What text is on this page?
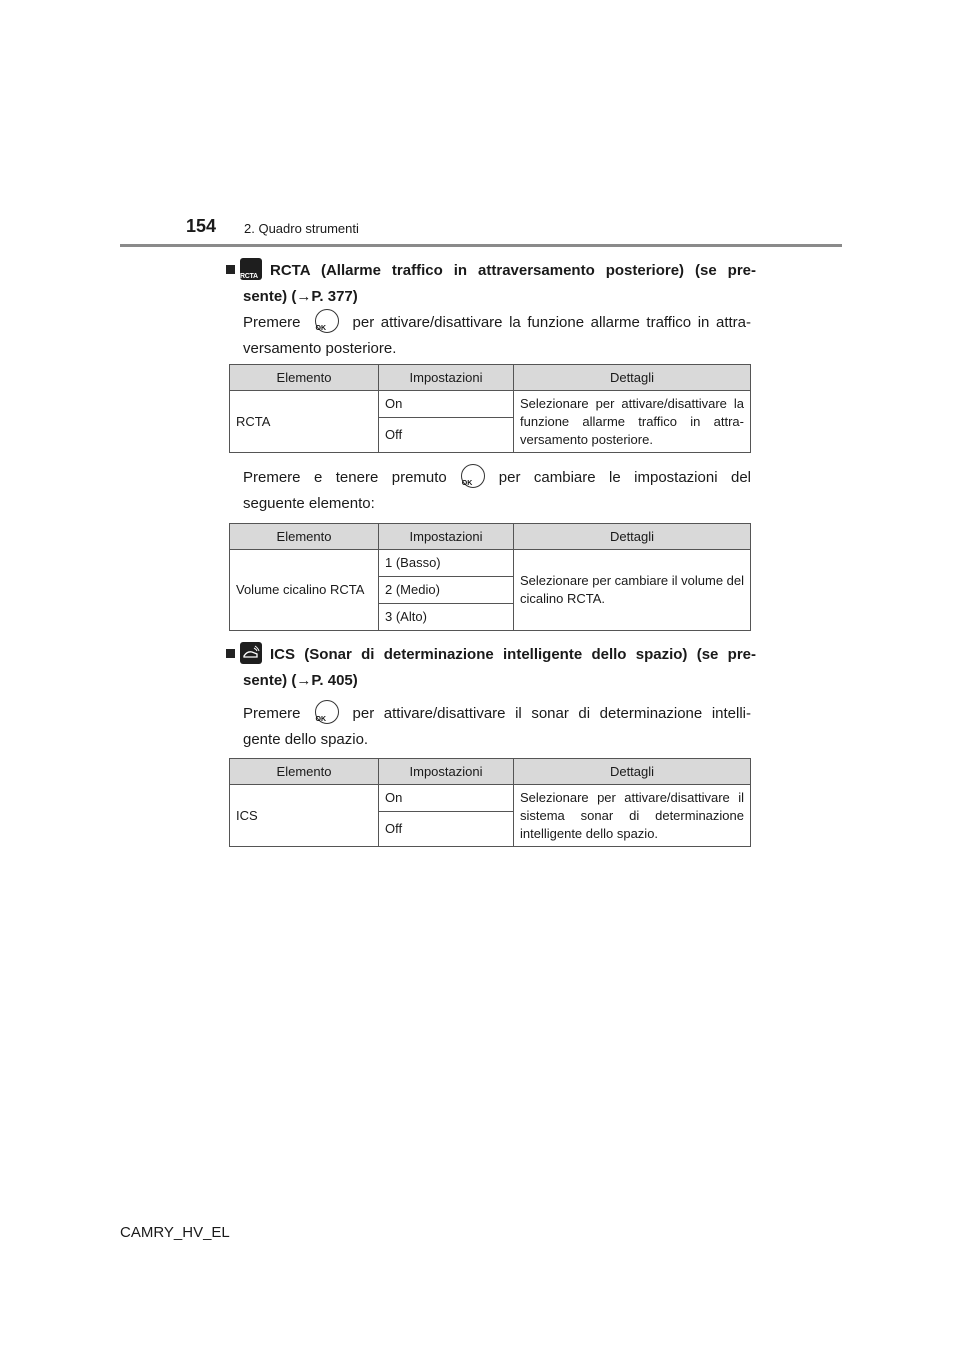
154 2. Quadro strumenti
RCTARCTA (Allarme traffico in attraversamento posteriore) (se pre-
sente) (→P. 377)
Premere OK	per attivare/disattivare la funzione allarme traffico in attra-
versamento posteriore.
Elemento	Impostazioni	Dettagli
RCTA	On	Selezionare per attivare/disattivare la funzione allarme traffico in attra-versamento posteriore.
	Off	
Premere e tenere premuto OK	per cambiare le impostazioni del
seguente elemento:
Elemento	Impostazioni	Dettagli
Volume cicalino RCTA	1 (Basso)	Selezionare per cambiare il volume del cicalino RCTA.
	2 (Medio)	
	3 (Alto)	
ICS (Sonar di determinazione intelligente dello spazio) (se pre-
sente) (→P. 405)
Premere OK	per attivare/disattivare il sonar di determinazione intelli-
gente dello spazio.
Elemento	Impostazioni	Dettagli
ICS	On	Selezionare per attivare/disattivare il sistema sonar di determinazione intelligente dello spazio.
	Off	
CAMRY_HV_EL
